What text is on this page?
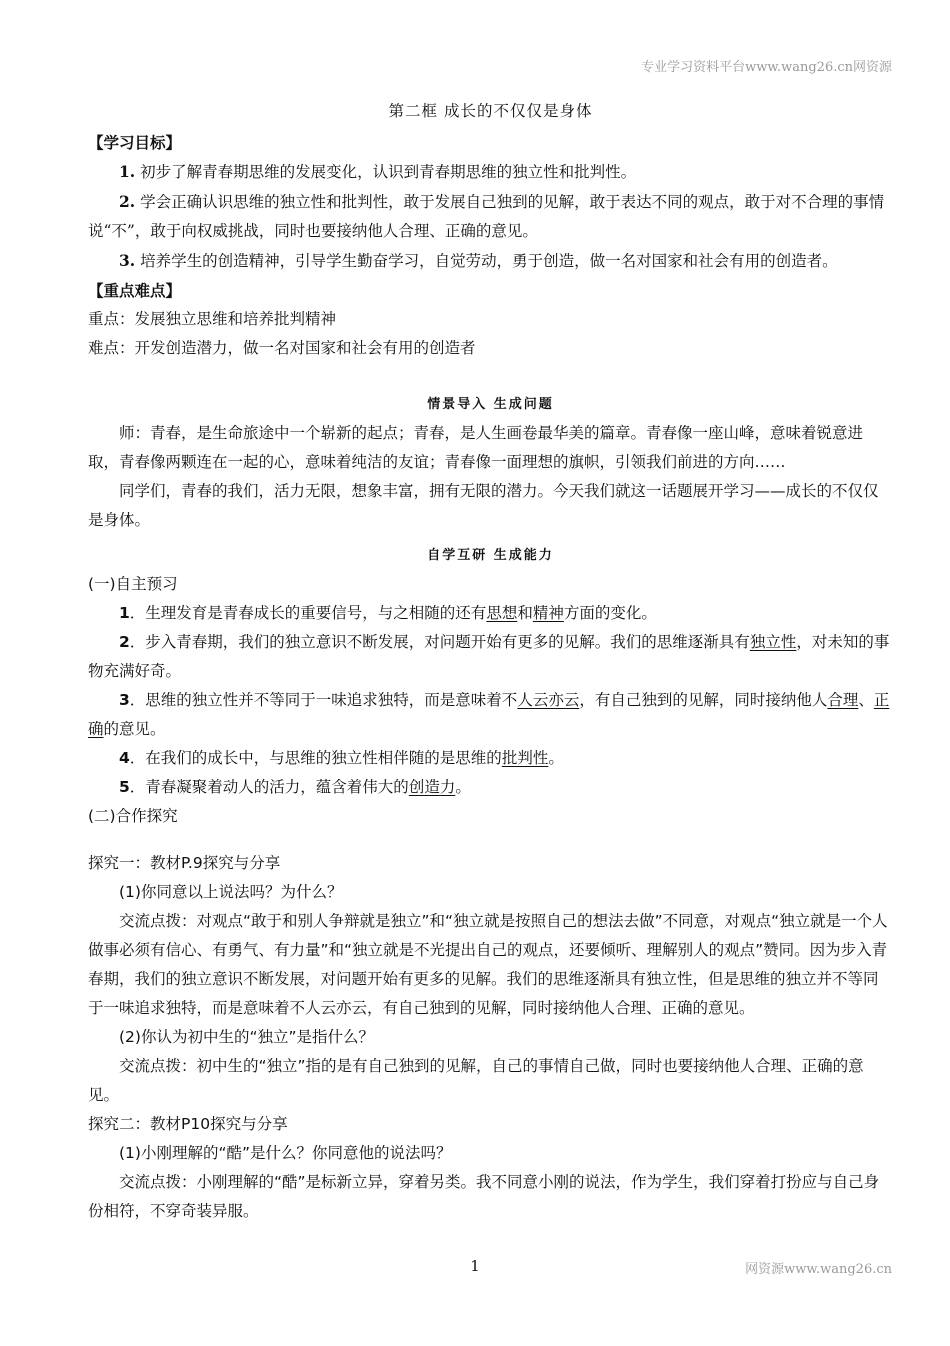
专业学习资料平台www.wang26.cn网资源

第二框 成长的不仅仅是身体

【学习目标】

1. 初步了解青春期思维的发展变化，认识到青春期思维的独立性和批判性。

2. 学会正确认识思维的独立性和批判性，敢于发展自己独到的见解，敢于表达不同的观点，敢于对不合理的事情说“不”，敢于向权威挑战，同时也要接纳他人合理、正确的意见。

3. 培养学生的创造精神，引导学生勤奋学习，自觉劳动，勇于创造，做一名对国家和社会有用的创造者。

【重点难点】

重点：发展独立思维和培养批判精神

难点：开发创造潜力，做一名对国家和社会有用的创造者

情景导入 生成问题

师：青春，是生命旅途中一个崭新的起点；青春，是人生画卷最华美的篇章。青春像一座山峰，意味着锐意进取，青春像两颗连在一起的心，意味着纯洁的友谊；青春像一面理想的旗帜，引领我们前进的方向……

同学们，青春的我们，活力无限，想象丰富，拥有无限的潜力。今天我们就这一话题展开学习——成长的不仅仅是身体。

自学互研 生成能力

(一)自主预习

1．生理发育是青春成长的重要信号，与之相随的还有思想和精神方面的变化。

2．步入青春期，我们的独立意识不断发展，对问题开始有更多的见解。我们的思维逐渐具有独立性，对未知的事物充满好奇。

3．思维的独立性并不等同于一味追求独特，而是意味着不人云亦云，有自己独到的见解，同时接纳他人合理、正确的意见。

4．在我们的成长中，与思维的独立性相伴随的是思维的批判性。

5．青春凝聚着动人的活力，蕴含着伟大的创造力。

(二)合作探究

探究一：教材P.9探究与分享

(1)你同意以上说法吗？为什么？

交流点拨：对观点“敢于和别人争辩就是独立”和“独立就是按照自己的想法去做”不同意，对观点“独立就是一个人做事必须有信心、有勇气、有力量”和“独立就是不光提出自己的观点，还要倾听、理解别人的观点”赞同。因为步入青春期，我们的独立意识不断发展，对问题开始有更多的见解。我们的思维逐渐具有独立性，但是思维的独立并不等同于一味追求独特，而是意味着不人云亦云，有自己独到的见解，同时接纳他人合理、正确的意见。

(2)你认为初中生的“独立”是指什么？

交流点拨：初中生的“独立”指的是有自己独到的见解，自己的事情自己做，同时也要接纳他人合理、正确的意见。

探究二：教材P10探究与分享

(1)小刚理解的“酷”是什么？你同意他的说法吗？

交流点拨：小刚理解的“酷”是标新立异，穿着另类。我不同意小刚的说法，作为学生，我们穿着打扮应与自己身份相符，不穿奇装异服。

1	网资源www.wang26.cn
